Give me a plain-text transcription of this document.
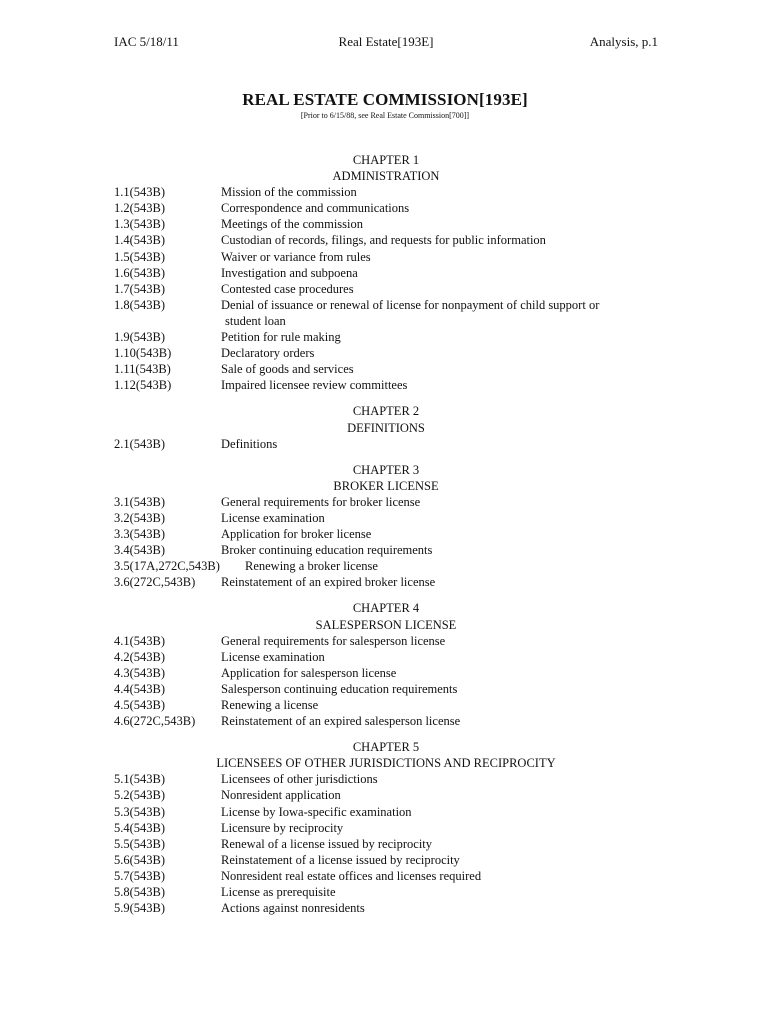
IAC 5/18/11	Real Estate[193E]	Analysis, p.1
REAL ESTATE COMMISSION[193E]
[Prior to 6/15/88, see Real Estate Commission[700]]
CHAPTER 1
ADMINISTRATION
1.1(543B)	Mission of the commission
1.2(543B)	Correspondence and communications
1.3(543B)	Meetings of the commission
1.4(543B)	Custodian of records, filings, and requests for public information
1.5(543B)	Waiver or variance from rules
1.6(543B)	Investigation and subpoena
1.7(543B)	Contested case procedures
1.8(543B)	Denial of issuance or renewal of license for nonpayment of child support or
student loan
1.9(543B)	Petition for rule making
1.10(543B)	Declaratory orders
1.11(543B)	Sale of goods and services
1.12(543B)	Impaired licensee review committees
CHAPTER 2
DEFINITIONS
2.1(543B)	Definitions
CHAPTER 3
BROKER LICENSE
3.1(543B)	General requirements for broker license
3.2(543B)	License examination
3.3(543B)	Application for broker license
3.4(543B)	Broker continuing education requirements
3.5(17A,272C,543B)	Renewing a broker license
3.6(272C,543B)	Reinstatement of an expired broker license
CHAPTER 4
SALESPERSON LICENSE
4.1(543B)	General requirements for salesperson license
4.2(543B)	License examination
4.3(543B)	Application for salesperson license
4.4(543B)	Salesperson continuing education requirements
4.5(543B)	Renewing a license
4.6(272C,543B)	Reinstatement of an expired salesperson license
CHAPTER 5
LICENSEES OF OTHER JURISDICTIONS AND RECIPROCITY
5.1(543B)	Licensees of other jurisdictions
5.2(543B)	Nonresident application
5.3(543B)	License by Iowa-specific examination
5.4(543B)	Licensure by reciprocity
5.5(543B)	Renewal of a license issued by reciprocity
5.6(543B)	Reinstatement of a license issued by reciprocity
5.7(543B)	Nonresident real estate offices and licenses required
5.8(543B)	License as prerequisite
5.9(543B)	Actions against nonresidents
